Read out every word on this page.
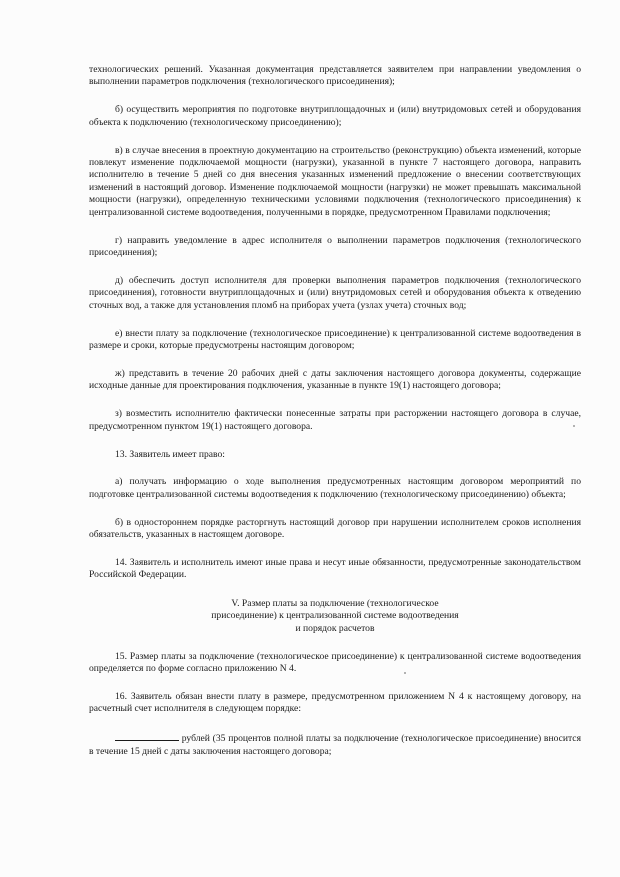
технологических решений. Указанная документация представляется заявителем при направлении уведомления о выполнении параметров подключения (технологического присоединения);

б) осуществить мероприятия по подготовке внутриплощадочных и (или) внутридомовых сетей и оборудования объекта к подключению (технологическому присоединению);

в) в случае внесения в проектную документацию на строительство (реконструкцию) объекта изменений, которые повлекут изменение подключаемой мощности (нагрузки), указанной в пункте 7 настоящего договора, направить исполнителю в течение 5 дней со дня внесения указанных изменений предложение о внесении соответствующих изменений в настоящий договор. Изменение подключаемой мощности (нагрузки) не может превышать максимальной мощности (нагрузки), определенную техническими условиями подключения (технологического присоединения) к централизованной системе водоотведения, полученными в порядке, предусмотренном Правилами подключения;

г) направить уведомление в адрес исполнителя о выполнении параметров подключения (технологического присоединения);

д) обеспечить доступ исполнителя для проверки выполнения параметров подключения (технологического присоединения), готовности внутриплощадочных и (или) внутридомовых сетей и оборудования объекта к отведению сточных вод, а также для установления пломб на приборах учета (узлах учета) сточных вод;

е) внести плату за подключение (технологическое присоединение) к централизованной системе водоотведения в размере и сроки, которые предусмотрены настоящим договором;

ж) представить в течение 20 рабочих дней с даты заключения настоящего договора документы, содержащие исходные данные для проектирования подключения, указанные в пункте 19(1) настоящего договора;

з) возместить исполнителю фактически понесенные затраты при расторжении настоящего договора в случае, предусмотренном пунктом 19(1) настоящего договора.

13. Заявитель имеет право:

а) получать информацию о ходе выполнения предусмотренных настоящим договором мероприятий по подготовке централизованной системы водоотведения к подключению (технологическому присоединению) объекта;

б) в одностороннем порядке расторгнуть настоящий договор при нарушении исполнителем сроков исполнения обязательств, указанных в настоящем договоре.

14. Заявитель и исполнитель имеют иные права и несут иные обязанности, предусмотренные законодательством Российской Федерации.

V. Размер платы за подключение (технологическое
присоединение) к централизованной системе водоотведения
и порядок расчетов

15. Размер платы за подключение (технологическое присоединение) к централизованной системе водоотведения определяется по форме согласно приложению N 4.

16. Заявитель обязан внести плату в размере, предусмотренном приложением N 4 к настоящему договору, на расчетный счет исполнителя в следующем порядке:

рублей (35 процентов полной платы за подключение (технологическое присоединение) вносится в течение 15 дней с даты заключения настоящего договора;
